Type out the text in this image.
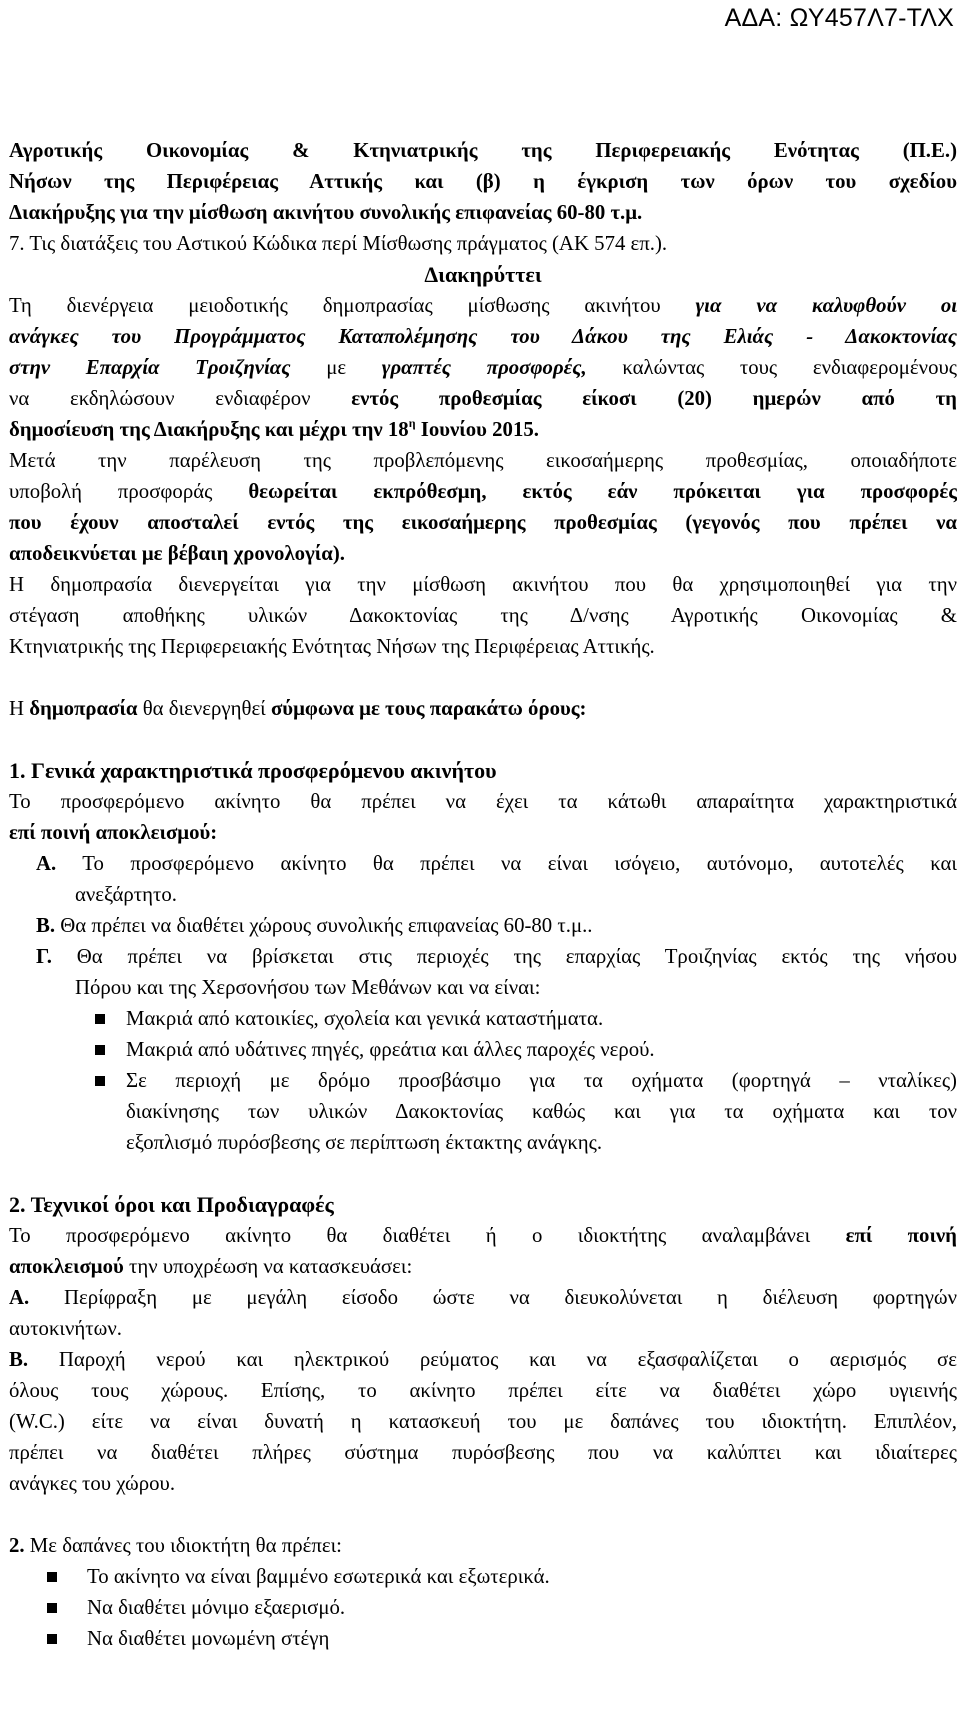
ΑΔΑ: ΩΥ457Λ7-ΤΛΧ
Αγροτικής Οικονομίας & Κτηνιατρικής της Περιφερειακής Ενότητας (Π.Ε.)
Νήσων της Περιφέρειας Αττικής και (β) η έγκριση των όρων του σχεδίου
Διακήρυξης για την μίσθωση ακινήτου συνολικής επιφανείας 60-80 τ.μ.
7. Τις διατάξεις του Αστικού Κώδικα περί Μίσθωσης πράγματος (ΑΚ 574 επ.).
Διακηρύττει
Τη διενέργεια μειοδοτικής δημοπρασίας μίσθωσης ακινήτου για να καλυφθούν οι
ανάγκες του Προγράμματος Καταπολέμησης του Δάκου της Ελιάς - Δακοκτονίας
στην Επαρχία Τροιζηνίας με γραπτές προσφορές, καλώντας τους ενδιαφερομένους
να εκδηλώσουν ενδιαφέρον εντός προθεσμίας είκοσι (20) ημερών από τη
δημοσίευση της Διακήρυξης και μέχρι την $18^\eta$ Ιουνίου 2015.
Μετά την παρέλευση της προβλεπόμενης εικοσαήμερης προθεσμίας, οποιαδήποτε
υποβολή προσφοράς θεωρείται εκπρόθεσμη, εκτός εάν πρόκειται για προσφορές
που έχουν αποσταλεί εντός της εικοσαήμερης προθεσμίας (γεγονός που πρέπει να
αποδεικνύεται με βέβαιη χρονολογία).
Η δημοπρασία διενεργείται για την μίσθωση ακινήτου που θα χρησιμοποιηθεί για την
στέγαση αποθήκης υλικών Δακοκτονίας της Δ/νσης Αγροτικής Οικονομίας &
Κτηνιατρικής της Περιφερειακής Ενότητας Νήσων της Περιφέρειας Αττικής.
Η δημοπρασία θα διενεργηθεί σύμφωνα με τους παρακάτω όρους:
1. Γενικά χαρακτηριστικά προσφερόμενου ακινήτου
Το προσφερόμενο ακίνητο θα πρέπει να έχει τα κάτωθι απαραίτητα χαρακτηριστικά
επί ποινή αποκλεισμού:
Α. Το προσφερόμενο ακίνητο θα πρέπει να είναι ισόγειο, αυτόνομο, αυτοτελές και
ανεξάρτητο.
Β. Θα πρέπει να διαθέτει χώρους συνολικής επιφανείας 60-80 τ.μ..
Γ. Θα πρέπει να βρίσκεται στις περιοχές της επαρχίας Τροιζηνίας εκτός της νήσου
Πόρου και της Χερσονήσου των Μεθάνων και να είναι:
Μακριά από κατοικίες, σχολεία και γενικά καταστήματα.
Μακριά από υδάτινες πηγές, φρεάτια και άλλες παροχές νερού.
Σε περιοχή με δρόμο προσβάσιμο για τα οχήματα (φορτηγά – νταλίκες)
διακίνησης των υλικών Δακοκτονίας καθώς και για τα οχήματα και τον
εξοπλισμό πυρόσβεσης σε περίπτωση έκτακτης ανάγκης.
2. Τεχνικοί όροι και Προδιαγραφές
Το προσφερόμενο ακίνητο θα διαθέτει ή ο ιδιοκτήτης αναλαμβάνει επί ποινή
αποκλεισμού την υποχρέωση να κατασκευάσει:
Α. Περίφραξη με μεγάλη είσοδο ώστε να διευκολύνεται η διέλευση φορτηγών
αυτοκινήτων.
Β. Παροχή νερού και ηλεκτρικού ρεύματος και να εξασφαλίζεται ο αερισμός σε
όλους τους χώρους. Επίσης, το ακίνητο πρέπει είτε να διαθέτει χώρο υγιεινής
(W.C.) είτε να είναι δυνατή η κατασκευή του με δαπάνες του ιδιοκτήτη. Επιπλέον,
πρέπει να διαθέτει πλήρες σύστημα πυρόσβεσης που να καλύπτει και ιδιαίτερες
ανάγκες του χώρου.
2. Με δαπάνες του ιδιοκτήτη θα πρέπει:
Το ακίνητο να είναι βαμμένο εσωτερικά και εξωτερικά.
Να διαθέτει μόνιμο εξαερισμό.
Να διαθέτει μονωμένη στέγη
